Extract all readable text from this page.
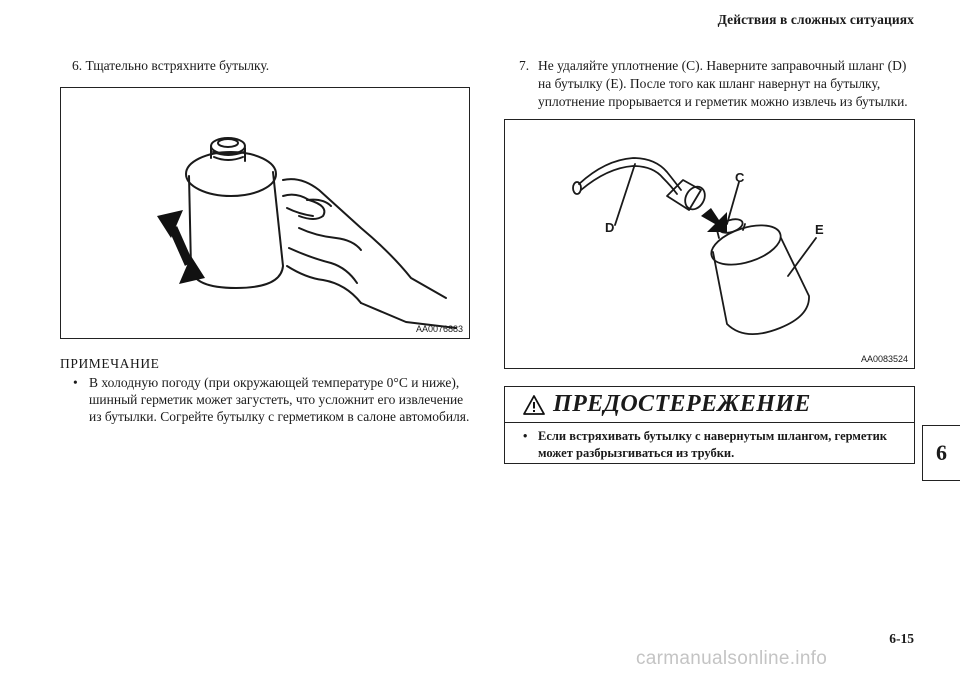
Действия в сложных ситуациях
6. Тщательно встряхните бутылку.
AA0076883
ПРИМЕЧАНИЕ
• В холодную погоду (при окружающей температуре 0°С и ниже), шинный герметик может загустеть, что усложнит его извлечение из бутылки. Согрейте бутылку с герметиком в салоне автомобиля.
7. Не удаляйте уплотнение (С). Наверните заправочный шланг (D) на бутылку (E). После того как шланг навернут на бутылку, уплотнение прорывается и герметик можно извлечь из бутылки.
C
D	E
AA0083524
ПРЕДОСТЕРЕЖЕНИЕ
• Если встряхивать бутылку с навернутым шлангом, герметик может разбрызгиваться из трубки.	6
6-15
carmanualsonline.info
